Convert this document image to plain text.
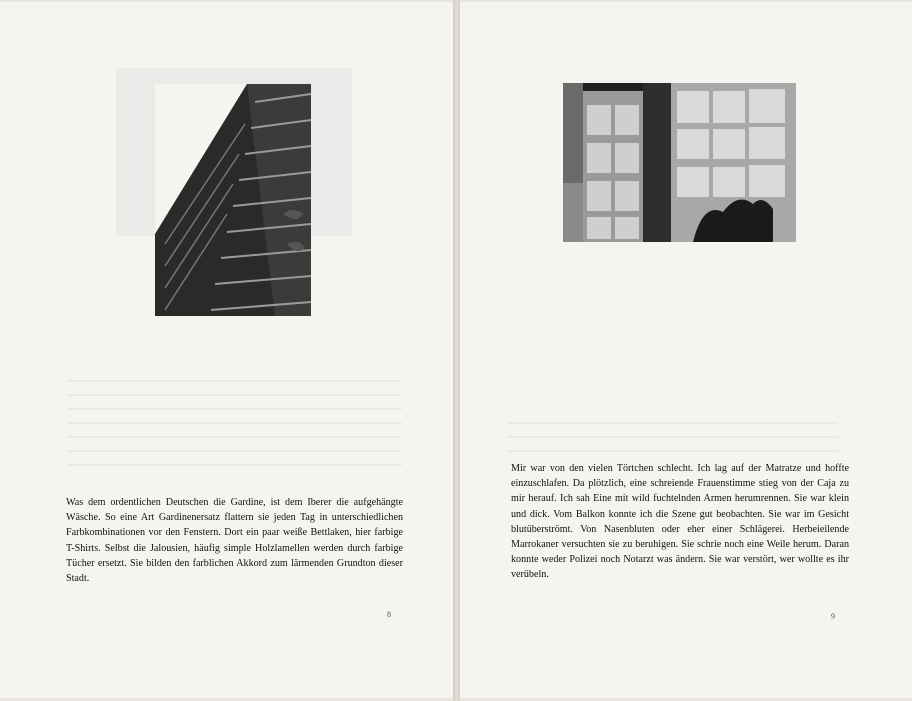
Was dem ordentlichen Deutschen die Gardine, ist dem Iberer die aufgehängte Wäsche. So eine Art Gardinenersatz flattern sie jeden Tag in unterschiedlichen Farbkombinationen vor den Fenstern. Dort ein paar weiße Bettlaken, hier farbige T-Shirts. Selbst die Jalousien, häufig simple Holzlamellen werden durch farbige Tücher ersetzt. Sie bilden den farblichen Akkord zum lärmenden Grundton dieser Stadt.

8

Mir war von den vielen Törtchen schlecht. Ich lag auf der Matratze und hoffte einzuschlafen. Da plötzlich, eine schreiende Frauenstimme stieg von der Caja zu mir herauf. Ich sah Eine mit wild fuchtelnden Armen herumrennen. Sie war klein und dick. Vom Balkon konnte ich die Szene gut beobachten. Sie war im Gesicht blutüberströmt. Von Nasenbluten oder eher einer Schlägerei. Herbeieilende Marrokaner versuchten sie zu beruhigen. Sie schrie noch eine Weile herum. Daran konnte weder Polizei noch Notarzt was ändern. Sie war verstört, wer wollte es ihr verübeln.

9
